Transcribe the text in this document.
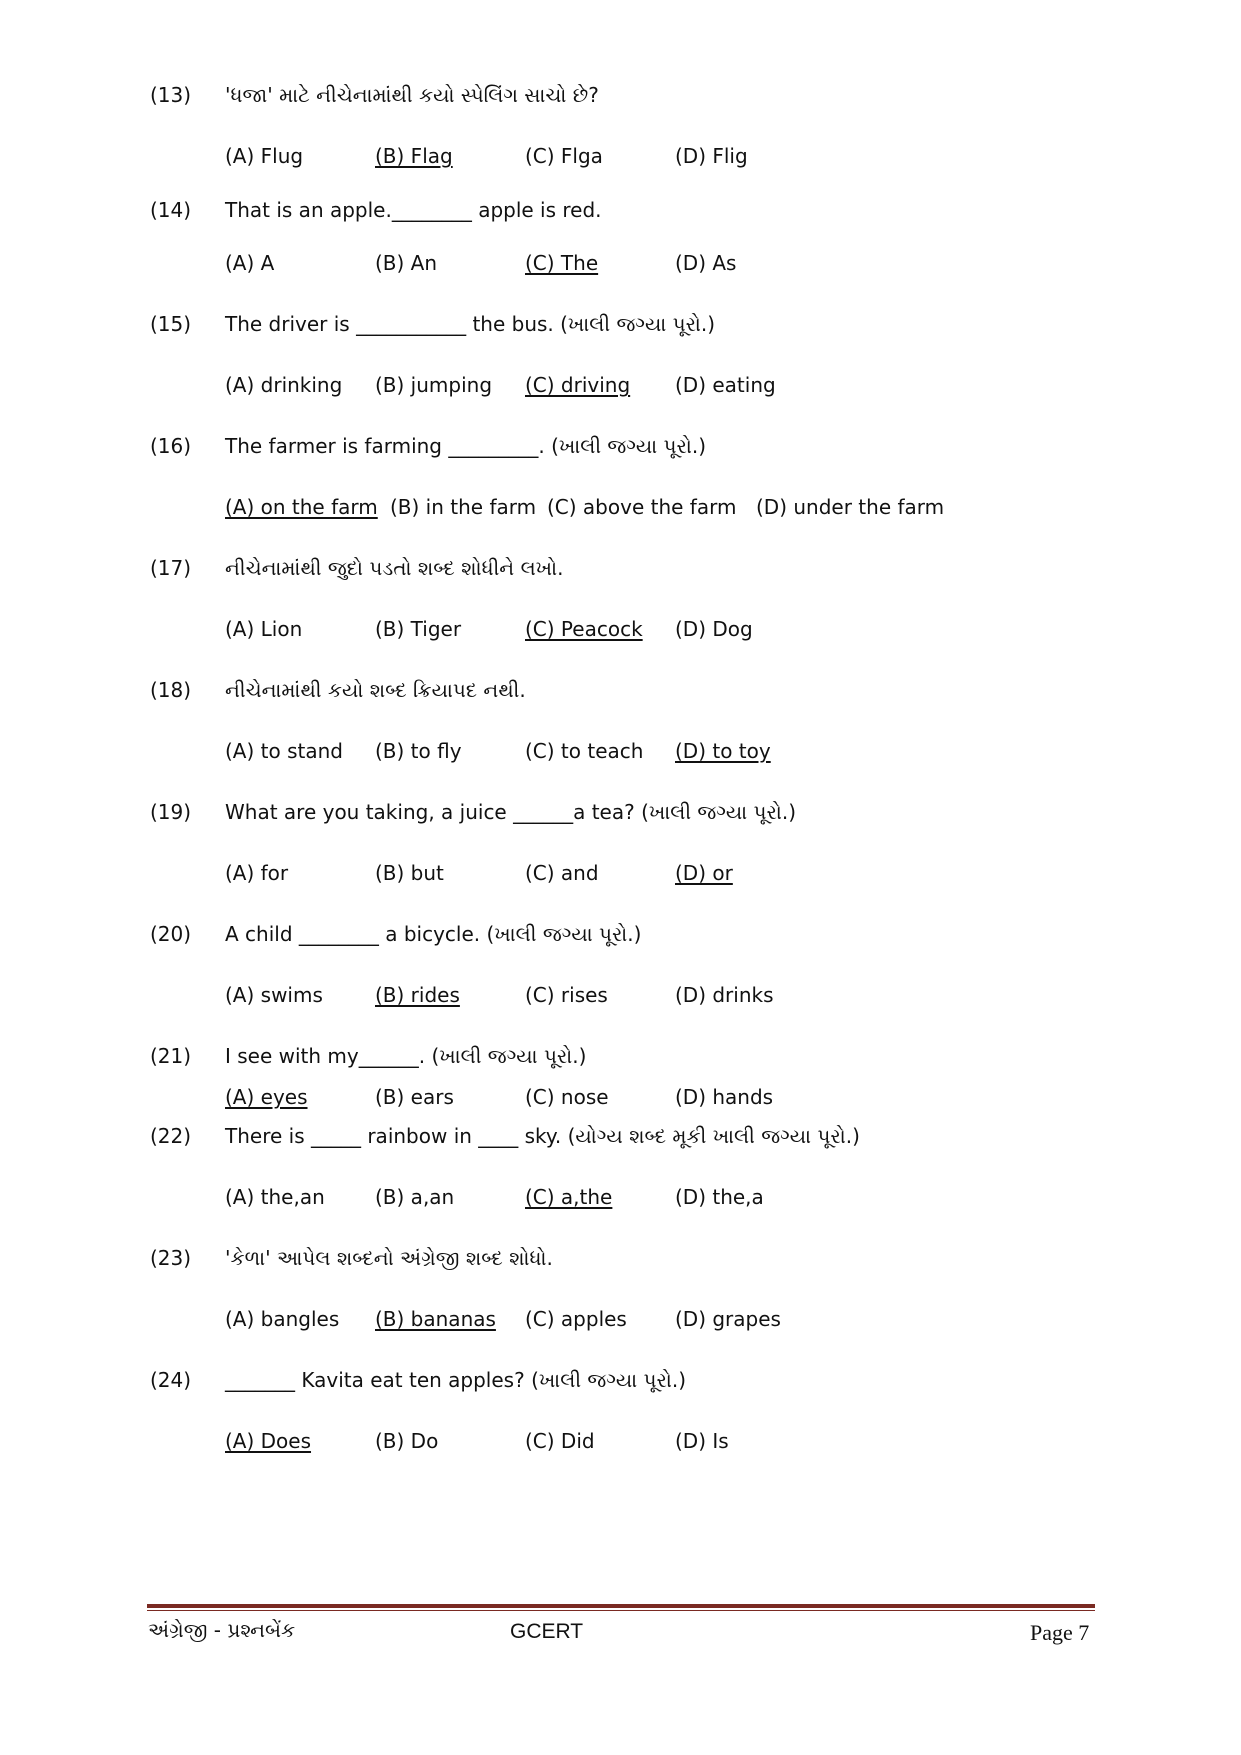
(13) 'ધજા' માટે નીચેનામાંથી કયો સ્પેલિંગ સાચો છે?
(A) Flug	(B) Flag	(C) Flga	(D) Flig
(14) That is an apple.________ apple is red.
(A) A	(B) An	(C) The	(D) As
(15) The driver is ___________ the bus. (ખાલી જગ્યા પૂરો.)
(A) drinking (B) jumping (C) driving (D) eating
(16) The farmer is farming _________. (ખાલી જગ્યા પૂરો.)
(A) on the farm (B) in the farm (C) above the farm (D) under the farm
(17) નીચેનામાંથી જુદો પડતો શબ્દ શોધીને લખો.
(A) Lion	(B) Tiger	(C) Peacock (D) Dog
(18) નીચેનામાંથી કયો શબ્દ ક્રિયાપદ નથી.
(A) to stand (B) to fly	(C) to teach (D) to toy
(19) What are you taking, a juice ______a tea? (ખાલી જગ્યા પૂરો.)
(A) for	(B) but	(C) and	(D) or
(20) A child ________ a bicycle. (ખાલી જગ્યા પૂરો.)
(A) swims	(B) rides	(C) rises	(D) drinks
(21) I see with my______. (ખાલી જગ્યા પૂરો.)
(A) eyes	(B) ears	(C) nose	(D) hands
(22) There is _____ rainbow in ____ sky. (યોગ્ય શબ્દ મૂકી ખાલી જગ્યા પૂરો.)
(A) the,an	(B) a,an	(C) a,the	(D) the,a
(23) 'કેળા' આપેલ શબ્દનો અંગ્રેજી શબ્દ શોધો.
(A) bangles (B) bananas (C) apples (D) grapes
(24) _______ Kavita eat ten apples? (ખાલી જગ્યા પૂરો.)
(A) Does	(B) Do	(C) Did	(D) Is
અંગ્રેજી - પ્રશ્નબેંક	GCERT	Page 7
